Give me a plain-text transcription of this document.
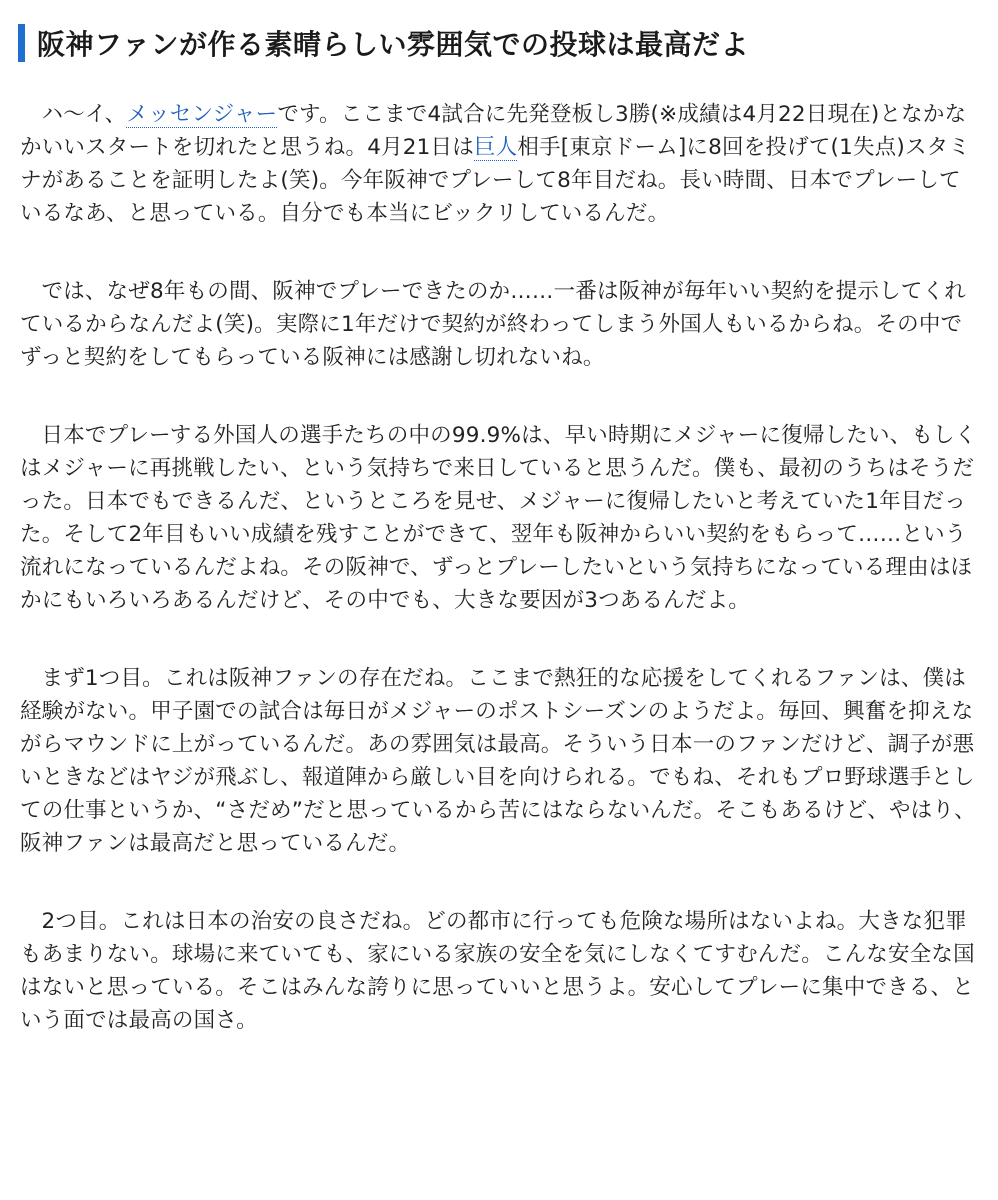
阪神ファンが作る素晴らしい雰囲気での投球は最高だよ

ハ〜イ、メッセンジャーです。ここまで4試合に先発登板し3勝(※成績は4月22日現在)となかなかいいスタートを切れたと思うね。4月21日は巨人相手[東京ドーム]に8回を投げて(1失点)スタミナがあることを証明したよ(笑)。今年阪神でプレーして8年目だね。長い時間、日本でプレーしているなあ、と思っている。自分でも本当にビックリしているんだ。

では、なぜ8年もの間、阪神でプレーできたのか……一番は阪神が毎年いい契約を提示してくれているからなんだよ(笑)。実際に1年だけで契約が終わってしまう外国人もいるからね。その中でずっと契約をしてもらっている阪神には感謝し切れないね。

日本でプレーする外国人の選手たちの中の99.9%は、早い時期にメジャーに復帰したい、もしくはメジャーに再挑戦したい、という気持ちで来日していると思うんだ。僕も、最初のうちはそうだった。日本でもできるんだ、というところを見せ、メジャーに復帰したいと考えていた1年目だった。そして2年目もいい成績を残すことができて、翌年も阪神からいい契約をもらって……という流れになっているんだよね。その阪神で、ずっとプレーしたいという気持ちになっている理由はほかにもいろいろあるんだけど、その中でも、大きな要因が3つあるんだよ。

まず1つ目。これは阪神ファンの存在だね。ここまで熱狂的な応援をしてくれるファンは、僕は経験がない。甲子園での試合は毎日がメジャーのポストシーズンのようだよ。毎回、興奮を抑えながらマウンドに上がっているんだ。あの雰囲気は最高。そういう日本一のファンだけど、調子が悪いときなどはヤジが飛ぶし、報道陣から厳しい目を向けられる。でもね、それもプロ野球選手としての仕事というか、“さだめ”だと思っているから苦にはならないんだ。そこもあるけど、やはり、阪神ファンは最高だと思っているんだ。

2つ目。これは日本の治安の良さだね。どの都市に行っても危険な場所はないよね。大きな犯罪もあまりない。球場に来ていても、家にいる家族の安全を気にしなくてすむんだ。こんな安全な国はないと思っている。そこはみんな誇りに思っていいと思うよ。安心してプレーに集中できる、という面では最高の国さ。
